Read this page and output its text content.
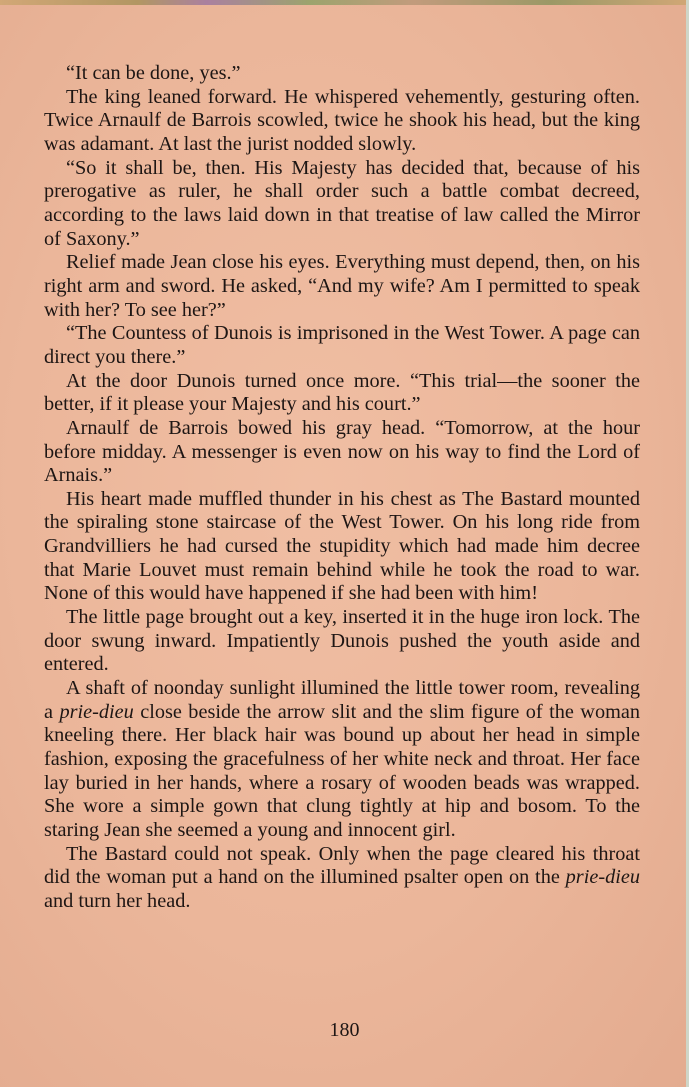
“It can be done, yes.”

The king leaned forward. He whispered vehemently, gesturing often. Twice Arnaulf de Barrois scowled, twice he shook his head, but the king was adamant. At last the jurist nodded slowly.

“So it shall be, then. His Majesty has decided that, because of his prerogative as ruler, he shall order such a battle combat decreed, according to the laws laid down in that treatise of law called the Mirror of Saxony.”

Relief made Jean close his eyes. Everything must depend, then, on his right arm and sword. He asked, “And my wife? Am I permitted to speak with her? To see her?”

“The Countess of Dunois is imprisoned in the West Tower. A page can direct you there.”

At the door Dunois turned once more. “This trial—the sooner the better, if it please your Majesty and his court.”

Arnaulf de Barrois bowed his gray head. “Tomorrow, at the hour before midday. A messenger is even now on his way to find the Lord of Arnais.”

His heart made muffled thunder in his chest as The Bastard mounted the spiraling stone staircase of the West Tower. On his long ride from Grandvilliers he had cursed the stupidity which had made him decree that Marie Louvet must remain behind while he took the road to war. None of this would have happened if she had been with him!

The little page brought out a key, inserted it in the huge iron lock. The door swung inward. Impatiently Dunois pushed the youth aside and entered.

A shaft of noonday sunlight illumined the little tower room, revealing a prie-dieu close beside the arrow slit and the slim figure of the woman kneeling there. Her black hair was bound up about her head in simple fashion, exposing the gracefulness of her white neck and throat. Her face lay buried in her hands, where a rosary of wooden beads was wrapped. She wore a simple gown that clung tightly at hip and bosom. To the staring Jean she seemed a young and innocent girl.

The Bastard could not speak. Only when the page cleared his throat did the woman put a hand on the illumined psalter open on the prie-dieu and turn her head.

180
